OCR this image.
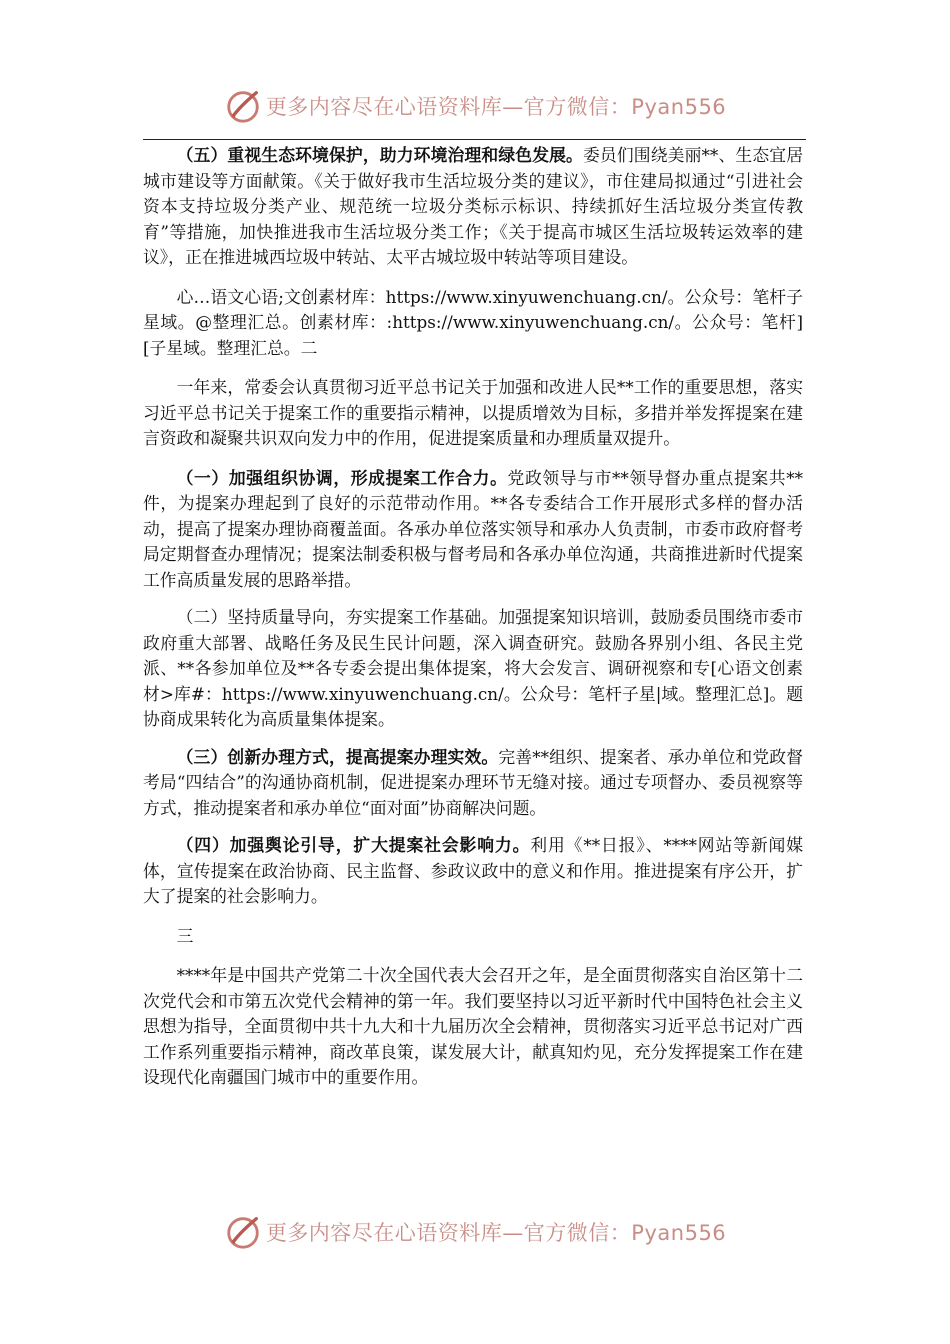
更多内容尽在心语资料库—官方微信：Pyan556

（五）重视生态环境保护，助力环境治理和绿色发展。委员们围绕美丽**、生态宜居城市建设等方面献策。《关于做好我市生活垃圾分类的建议》，市住建局拟通过“引进社会资本支持垃圾分类产业、规范统一垃圾分类标示标识、持续抓好生活垃圾分类宣传教育”等措施，加快推进我市生活垃圾分类工作；《关于提高市城区生活垃圾转运效率的建议》，正在推进城西垃圾中转站、太平古城垃圾中转站等项目建设。

心…语文心语;文创素材库：https://www.xinyuwenchuang.cn/。公众号：笔杆子星域。@整理汇总。创素材库：:https://www.xinyuwenchuang.cn/。公众号：笔杆][子星域。整理汇总。二

一年来，常委会认真贯彻习近平总书记关于加强和改进人民**工作的重要思想，落实习近平总书记关于提案工作的重要指示精神，以提质增效为目标，多措并举发挥提案在建言资政和凝聚共识双向发力中的作用，促进提案质量和办理质量双提升。

（一）加强组织协调，形成提案工作合力。党政领导与市**领导督办重点提案共**件，为提案办理起到了良好的示范带动作用。**各专委结合工作开展形式多样的督办活动，提高了提案办理协商覆盖面。各承办单位落实领导和承办人负责制，市委市政府督考局定期督查办理情况；提案法制委积极与督考局和各承办单位沟通，共商推进新时代提案工作高质量发展的思路举措。

（二）坚持质量导向，夯实提案工作基础。加强提案知识培训，鼓励委员围绕市委市政府重大部署、战略任务及民生民计问题，深入调查研究。鼓励各界别小组、各民主党派、**各参加单位及**各专委会提出集体提案，将大会发言、调研视察和专[心语文创素材>库#：https://www.xinyuwenchuang.cn/。公众号：笔杆子星|域。整理汇总]。题协商成果转化为高质量集体提案。

（三）创新办理方式，提高提案办理实效。完善**组织、提案者、承办单位和党政督考局“四结合”的沟通协商机制，促进提案办理环节无缝对接。通过专项督办、委员视察等方式，推动提案者和承办单位“面对面”协商解决问题。

（四）加强舆论引导，扩大提案社会影响力。利用《**日报》、****网站等新闻媒体，宣传提案在政治协商、民主监督、参政议政中的意义和作用。推进提案有序公开，扩大了提案的社会影响力。

三

****年是中国共产党第二十次全国代表大会召开之年，是全面贯彻落实自治区第十二次党代会和市第五次党代会精神的第一年。我们要坚持以习近平新时代中国特色社会主义思想为指导，全面贯彻中共十九大和十九届历次全会精神，贯彻落实习近平总书记对广西工作系列重要指示精神，商改革良策，谋发展大计，献真知灼见，充分发挥提案工作在建设现代化南疆国门城市中的重要作用。

更多内容尽在心语资料库—官方微信：Pyan556
